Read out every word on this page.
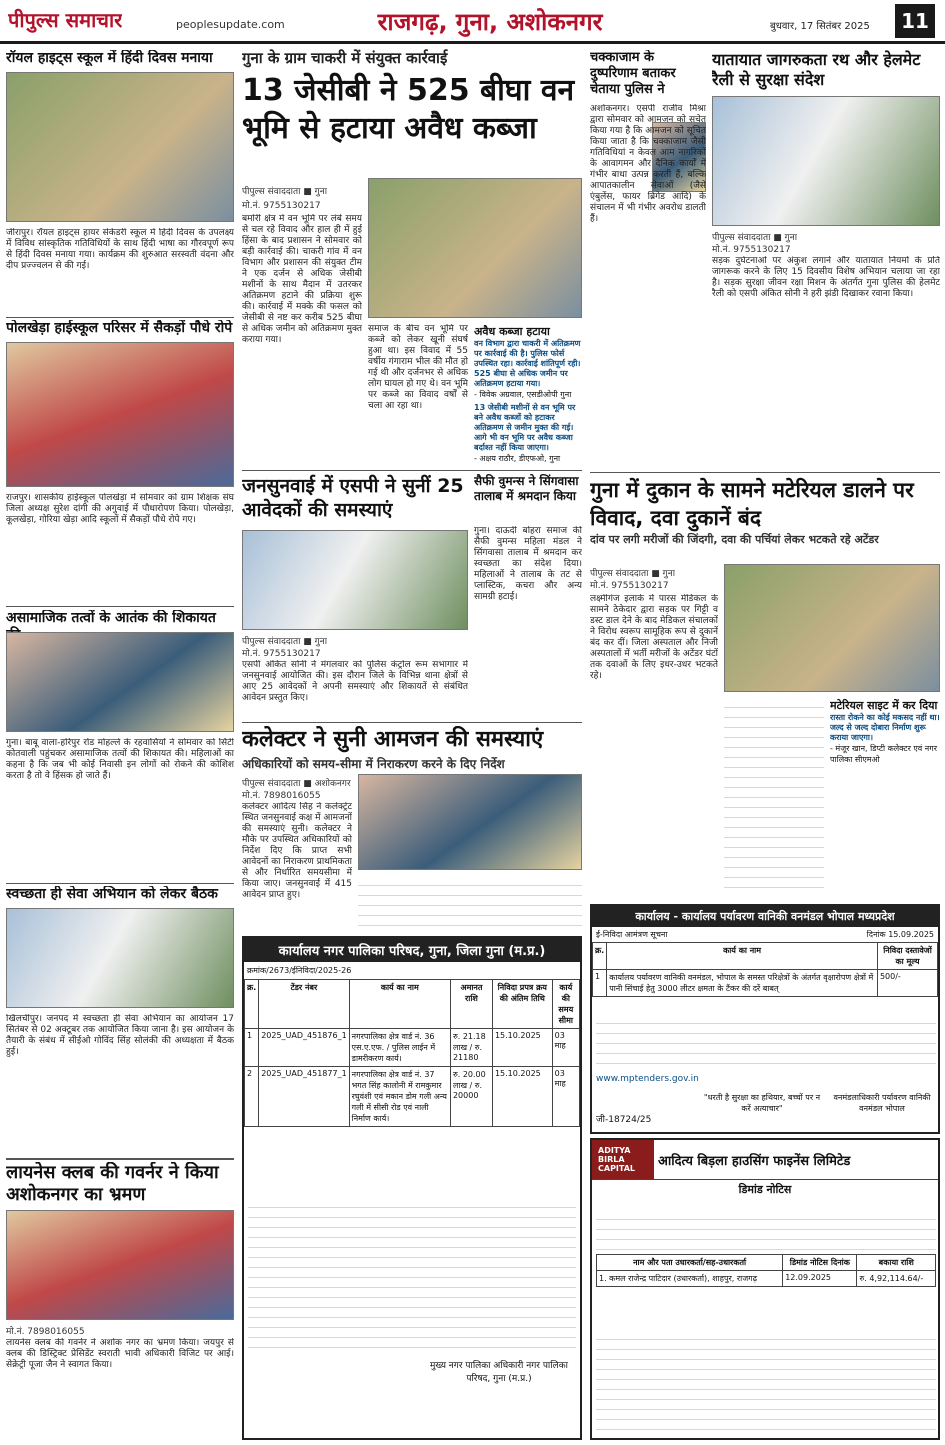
पीपुल्स समाचार	peoplesupdate.com	राजगढ़, गुना, अशोकनगर	बुधवार, 17 सितंबर 2025	11
रॉयल हाइट्स स्कूल में हिंदी दिवस मनाया
जीरापुर। रॉयल हाइट्स हायर सेकेंडरी स्कूल में हिंदी दिवस के उपलक्ष्य में विविध सांस्कृतिक गतिविधियों के साथ हिंदी भाषा का गौरवपूर्ण रूप से हिंदी दिवस मनाया गया। कार्यक्रम की शुरुआत सरस्वती वंदना और दीप प्रज्ज्वलन से की गई।
पोलखेड़ा हाईस्कूल परिसर में सैकड़ों पौधे रोपे
राजपुर। शासकीय हाईस्कूल पोलखेड़ा में सोमवार को ग्राम शिक्षक संघ जिला अध्यक्ष सुरेश दांगी की अगुवाई में पौधारोपण किया। पोलखेड़ा, कूलखेड़ा, गोरिया खेड़ा आदि स्कूलों में सैकड़ों पौधे रोपे गए।
असामाजिक तत्वों के आतंक की शिकायत
गुना। बाबू वाला-हरिपुर रोड मोहल्ले के रहवासियों ने सोमवार को सिटी कोतवाली पहुंचकर असामाजिक तत्वों की शिकायत की। महिलाओं का कहना है कि जब भी कोई निवासी इन लोगों को रोकने की कोशिश करता है तो वे हिंसक हो जाते हैं।
स्वच्छता ही सेवा अभियान को लेकर बैठक
खिलचीपुर। जनपद में स्वच्छता ही सेवा अभियान का आयोजन 17 सितंबर से 02 अक्टूबर तक आयोजित किया जाना है। इस आयोजन के तैयारी के संबंध में सीईओ गोविंद सिंह सोलंकी की अध्यक्षता में बैठक हुई।
लायनेस क्लब की गवर्नर ने किया अशोकनगर का भ्रमण
मो.नं. 7898016055
लायनेस क्लब की गवर्नर ने अशोक नगर का भ्रमण किया। जयपुर से क्लब की डिस्ट्रिक्ट प्रेसिडेंट स्वराती भावी अधिकारी विजिट पर आई। सेक्रेट्री पूजा जैन ने स्वागत किया।
गुना के ग्राम चाकरी में संयुक्त कार्रवाई
13 जेसीबी ने 525 बीघा वन भूमि से हटाया अवैध कब्जा
पीपुल्स संवाददाता ■ गुना
मो.नं. 9755130217
बमोरी क्षेत्र में वन भूमि पर लंबे समय से चल रहे विवाद और हाल ही में हुई हिंसा के बाद प्रशासन ने सोमवार को बड़ी कार्रवाई की। चाकरी गांव में वन विभाग और प्रशासन की संयुक्त टीम ने एक दर्जन से अधिक जेसीबी मशीनों के साथ मैदान में उतरकर अतिक्रमण हटाने की प्रक्रिया शुरू की। कार्रवाई में मक्के की फसल को जेसीबी से नष्ट कर करीब 525 बीघा से अधिक जमीन को अतिक्रमण मुक्त कराया गया।
समाज के बीच वन भूमि पर कब्जे को लेकर खूनी संघर्ष हुआ था। इस विवाद में 55 वर्षीय गंगाराम भील की मौत हो गई थी और दर्जनभर से अधिक लोग घायल हो गए थे। वन भूमि पर कब्जे का विवाद वर्षों से चला आ रहा था।
अवैध कब्जा हटाया
वन विभाग द्वारा चाकरी में अतिक्रमण पर कार्रवाई की है। पुलिस फोर्स उपस्थित रहा। कार्रवाई शांतिपूर्ण रही। 525 बीघा से अधिक जमीन पर अतिक्रमण हटाया गया।
- विवेक अग्रवाल, एसडीओपी गुना
13 जेसीबी मशीनों से वन भूमि पर बने अवैध कब्जों को हटाकर अतिक्रमण से जमीन मुक्त की गई। आगे भी वन भूमि पर अवैध कब्जा बर्दाश्त नहीं किया जाएगा।
- अक्षय राठौर, डीएफओ, गुना
जनसुनवाई में एसपी ने सुनीं 25 आवेदकों की समस्याएं
पीपुल्स संवाददाता ■ गुना
मो.नं. 9755130217
एसपी अंकित सोनी ने मंगलवार को पुलिस कंट्रोल रूम सभागार में जनसुनवाई आयोजित की। इस दौरान जिले के विभिन्न थाना क्षेत्रों से आए 25 आवेदकों ने अपनी समस्याएं और शिकायतें से संबंधित आवेदन प्रस्तुत किए।
सैफी वुमन्स ने सिंगवासा तालाब में श्रमदान किया
गुना। दाऊदी बोहरा समाज की सैफी वुमन्स महिला मंडल ने सिंगवासा तालाब में श्रमदान कर स्वच्छता का संदेश दिया। महिलाओं ने तालाब के तट से प्लास्टिक, कचरा और अन्य सामग्री हटाई।
कलेक्टर ने सुनी आमजन की समस्याएं
अधिकारियों को समय-सीमा में निराकरण करने के दिए निर्देश
पीपुल्स संवाददाता ■ अशोकनगर
मो.नं. 7898016055
कलेक्टर आदित्य सिंह ने कलेक्ट्रेट स्थित जनसुनवाई कक्ष में आमजनों की समस्याएं सुनी। कलेक्टर ने मौके पर उपस्थित अधिकारियों को निर्देश दिए कि प्राप्त सभी आवेदनों का निराकरण प्राथमिकता से और निर्धारित समयसीमा में किया जाए। जनसुनवाई में 415 आवेदन प्राप्त हुए।
कार्यालय नगर पालिका परिषद, गुना, जिला गुना (म.प्र.)
क्रमांक/2673/ईनिविदा/2025-26
क्र.	टेंडर नंबर	कार्य का नाम	अमानत राशि	निविदा प्रपत्र क्रय की अंतिम तिथि	कार्य की समय सीमा
1	2025_UAD_451876_1	नगरपालिका क्षेत्र वार्ड नं. 36 एस.ए.एफ. / पुलिस लाईन में डामरीकरण कार्य।	रु. 21.18 लाख / रु. 21180	15.10.2025	03 माह
2	2025_UAD_451877_1	नगरपालिका क्षेत्र वार्ड नं. 37 भगत सिंह कालोनी में रामकुमार रघुवंशी एवं मकान डोम गली अन्य गली में सीसी रोड एवं नाली निर्माण कार्य।	रु. 20.00 लाख / रु. 20000	15.10.2025	03 माह
मुख्य नगर पालिका अधिकारी नगर पालिका परिषद, गुना (म.प्र.)
चक्काजाम के दुष्परिणाम बताकर चेताया पुलिस ने
अशोकनगर। एसपी राजीव मिश्रा द्वारा सोमवार को आमजन को सचेत किया गया है कि आमजन को सूचित किया जाता है कि चक्काजाम जैसी गतिविधियां न केवल आम नागरिकों के आवागमन और दैनिक कार्यों में गंभीर बाधा उत्पन्न करती हैं, बल्कि आपातकालीन सेवाओं (जैसे एंबुलेंस, फायर ब्रिगेड आदि) के संचालन में भी गंभीर अवरोध डालती हैं।
यातायात जागरुकता रथ और हेलमेट रैली से सुरक्षा संदेश
पीपुल्स संवाददाता ■ गुना
मो.नं. 9755130217
सड़क दुर्घटनाओं पर अंकुश लगाने और यातायात नियमों के प्रति जागरूक करने के लिए 15 दिवसीय विशेष अभियान चलाया जा रहा है। सड़क सुरक्षा जीवन रक्षा मिशन के अंतर्गत गुना पुलिस की हेलमेट रैली को एसपी अंकित सोनी ने हरी झंडी दिखाकर रवाना किया।
गुना में दुकान के सामने मटेरियल डालने पर विवाद, दवा दुकानें बंद
दांव पर लगी मरीजों की जिंदगी, दवा की पर्चियां लेकर भटकते रहे अटेंडर
पीपुल्स संवाददाता ■ गुना
मो.नं. 9755130217
लक्ष्मीगंज इलाके में पारस मेडिकल के सामने ठेकेदार द्वारा सड़क पर गिट्टी व डस्ट डाल देने के बाद मेडिकल संचालकों ने विरोध स्वरूप सामूहिक रूप से दुकानें बंद कर दीं। जिला अस्पताल और निजी अस्पतालों में भर्ती मरीजों के अटेंडर घंटों तक दवाओं के लिए इधर-उधर भटकते रहे।
मटेरियल साइट में कर दिया
रास्ता रोकने का कोई मकसद नहीं था। जल्द से जल्द दोबारा निर्माण शुरू कराया जाएगा।
- मंजूर खान, डिप्टी कलेक्टर एवं नगर पालिका सीएमओ
कार्यालय - कार्यालय पर्यावरण वानिकी वनमंडल भोपाल मध्यप्रदेश
ई-निविदा आमंत्रण सूचना	दिनांक 15.09.2025
क्र.	कार्य का नाम	निविदा दस्तावेजों का मूल्य
1	कार्यालय पर्यावरण वानिकी वनमंडल, भोपाल के समस्त परिक्षेत्रों के अंतर्गत वृक्षारोपण क्षेत्रों में पानी सिंचाई हेतु 3000 लीटर क्षमता के टैंकर की दरें बाबत्	500/-
www.mptenders.gov.in
जी-18724/25
"धरती है सुरक्षा का हथियार, बच्चों पर न करें अत्याचार"
वनमंडलाधिकारी पर्यावरण वानिकी वनमंडल भोपाल
ADITYA BIRLA CAPITAL	आदित्य बिड़ला हाउसिंग फाइनेंस लिमिटेड
डिमांड नोटिस
नाम और पता उधारकर्ता/सह-उधारकर्ता	डिमांड नोटिस दिनांक	बकाया राशि
1. कमल राजेन्द्र पाटिदार (उधारकर्ता), शाहपुर, राजगढ़	12.09.2025	रु. 4,92,114.64/-
